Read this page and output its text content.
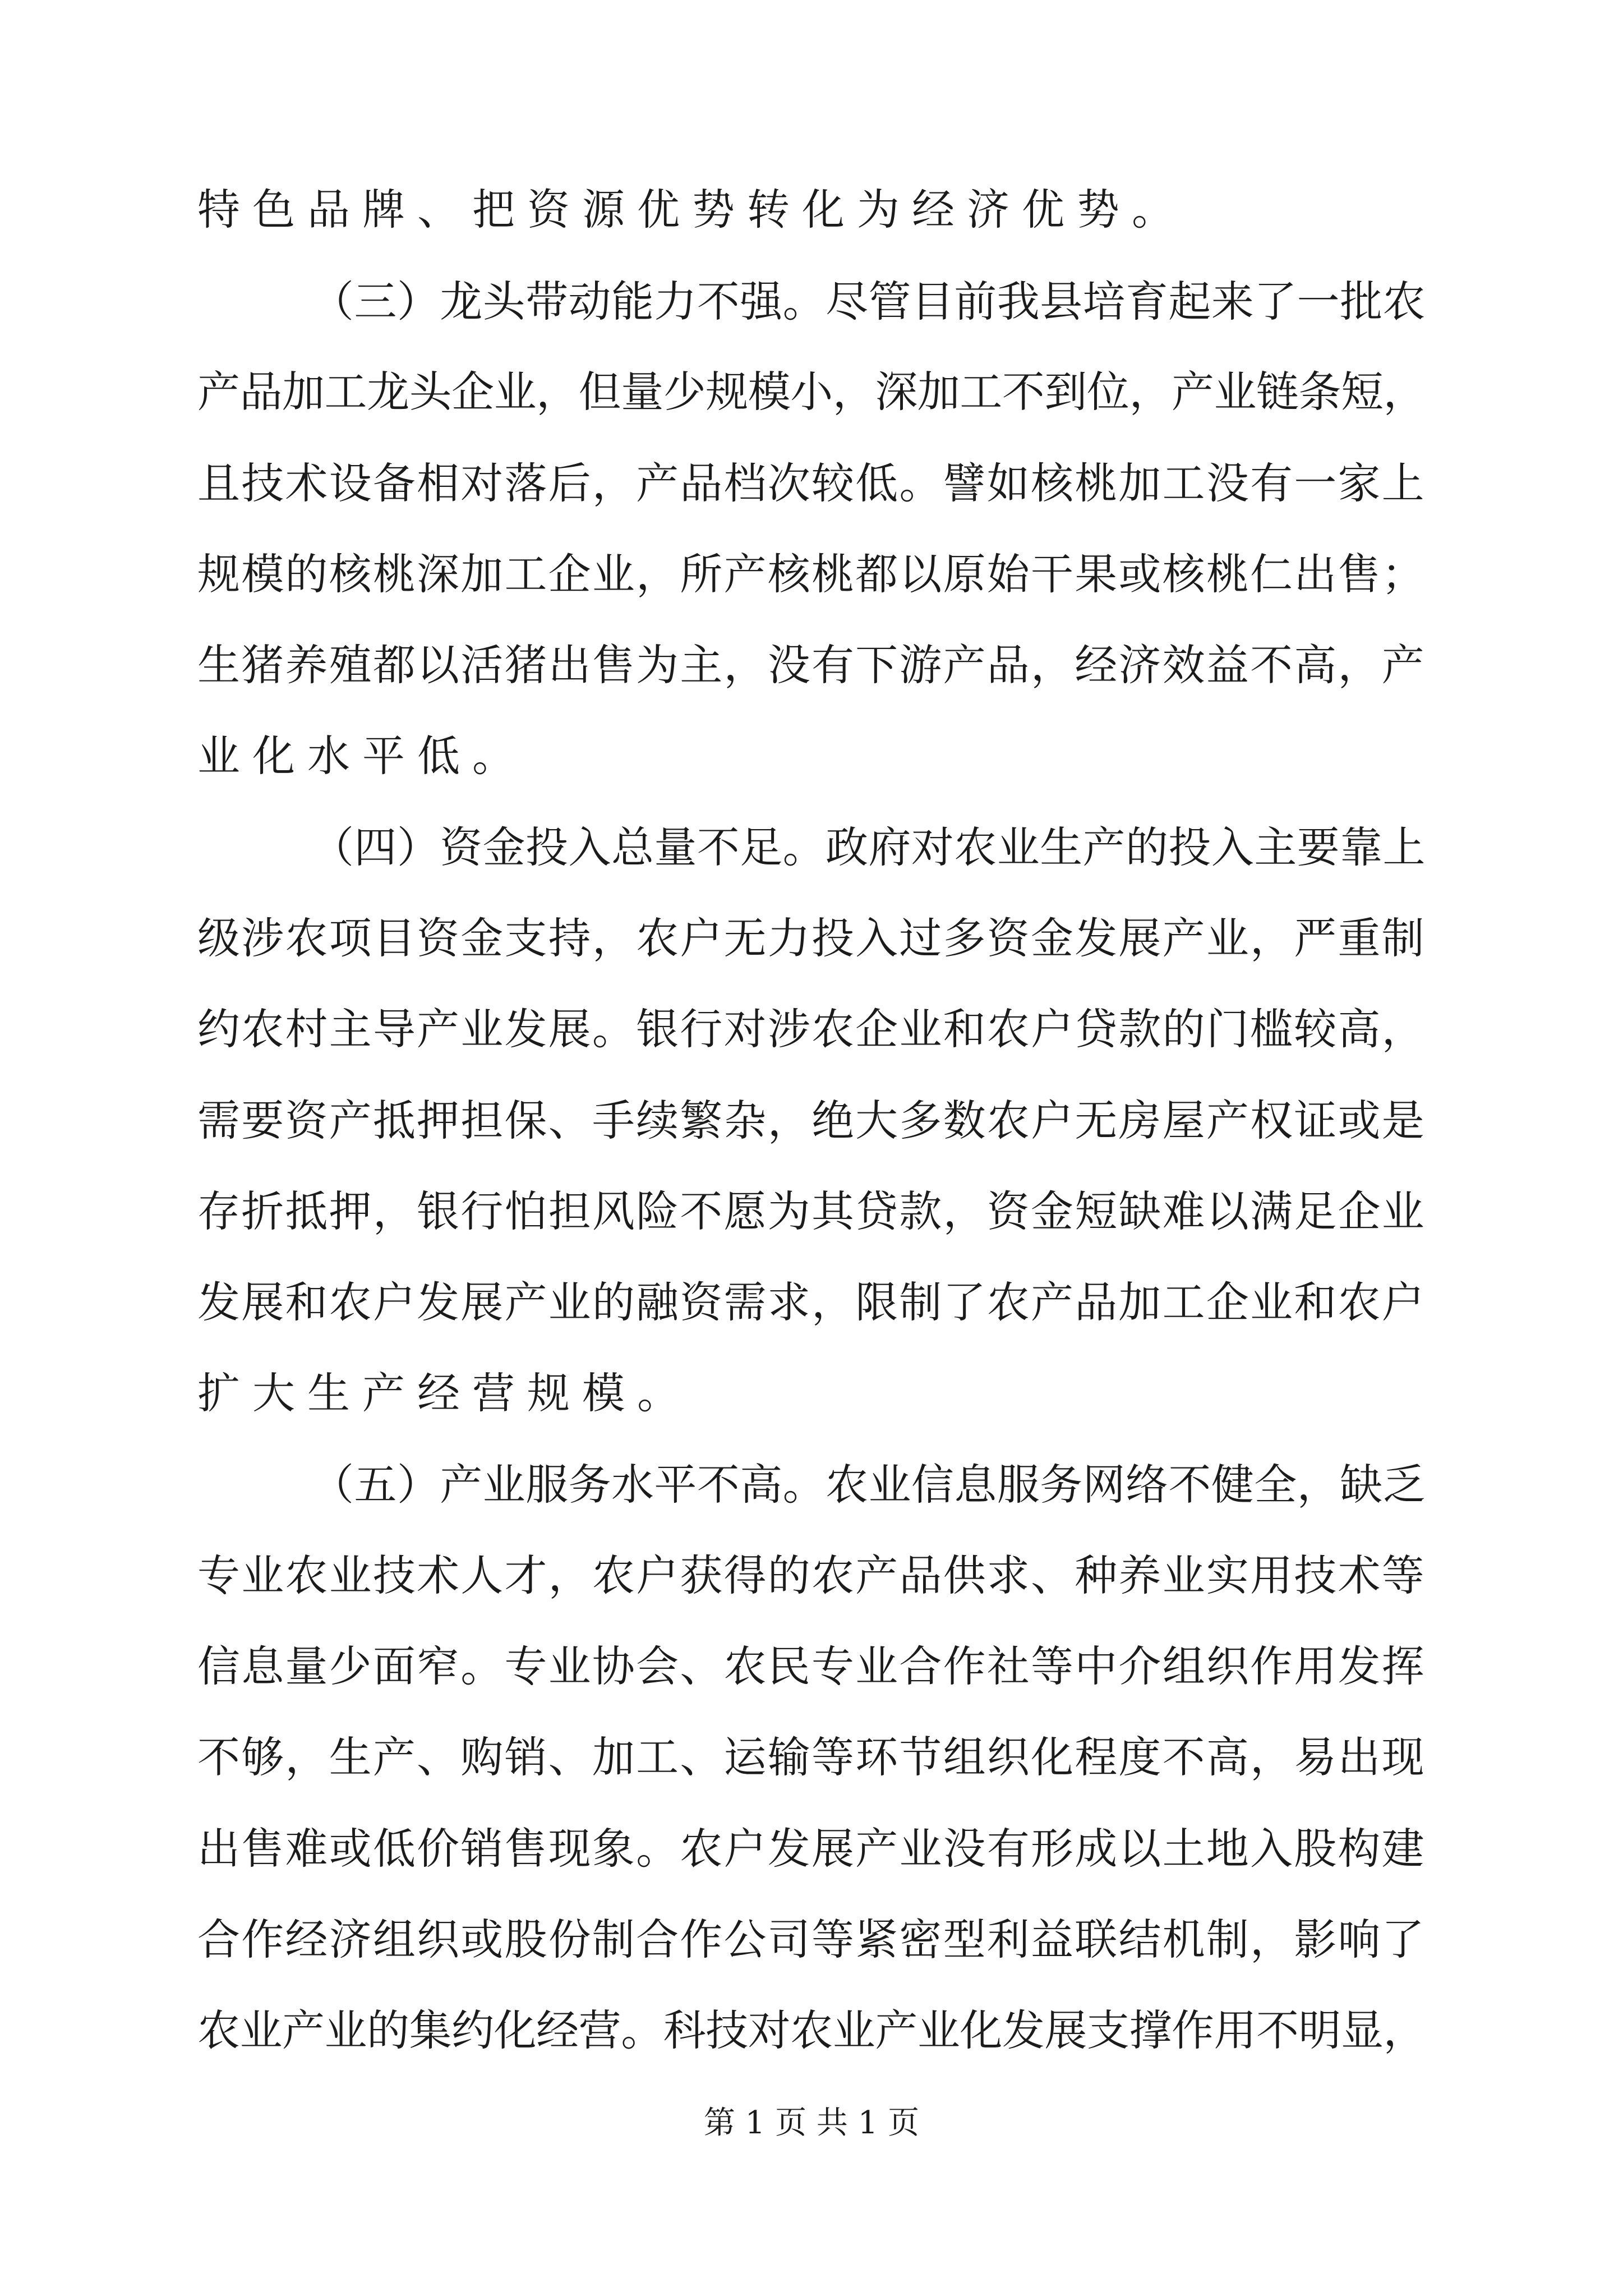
特色品牌、把资源优势转化为经济优势。
（三）龙头带动能力不强。尽管目前我县培育起来了一批农
产品加工龙头企业，但量少规模小，深加工不到位，产业链条短，
且技术设备相对落后，产品档次较低。譬如核桃加工没有一家上
规模的核桃深加工企业，所产核桃都以原始干果或核桃仁出售；
生猪养殖都以活猪出售为主，没有下游产品，经济效益不高，产
业化水平低。
（四）资金投入总量不足。政府对农业生产的投入主要靠上
级涉农项目资金支持，农户无力投入过多资金发展产业，严重制
约农村主导产业发展。银行对涉农企业和农户贷款的门槛较高，
需要资产抵押担保、手续繁杂，绝大多数农户无房屋产权证或是
存折抵押，银行怕担风险不愿为其贷款，资金短缺难以满足企业
发展和农户发展产业的融资需求，限制了农产品加工企业和农户
扩大生产经营规模。
（五）产业服务水平不高。农业信息服务网络不健全，缺乏
专业农业技术人才，农户获得的农产品供求、种养业实用技术等
信息量少面窄。专业协会、农民专业合作社等中介组织作用发挥
不够，生产、购销、加工、运输等环节组织化程度不高，易出现
出售难或低价销售现象。农户发展产业没有形成以土地入股构建
合作经济组织或股份制合作公司等紧密型利益联结机制，影响了
农业产业的集约化经营。科技对农业产业化发展支撑作用不明显，
第 1 页 共 1 页
